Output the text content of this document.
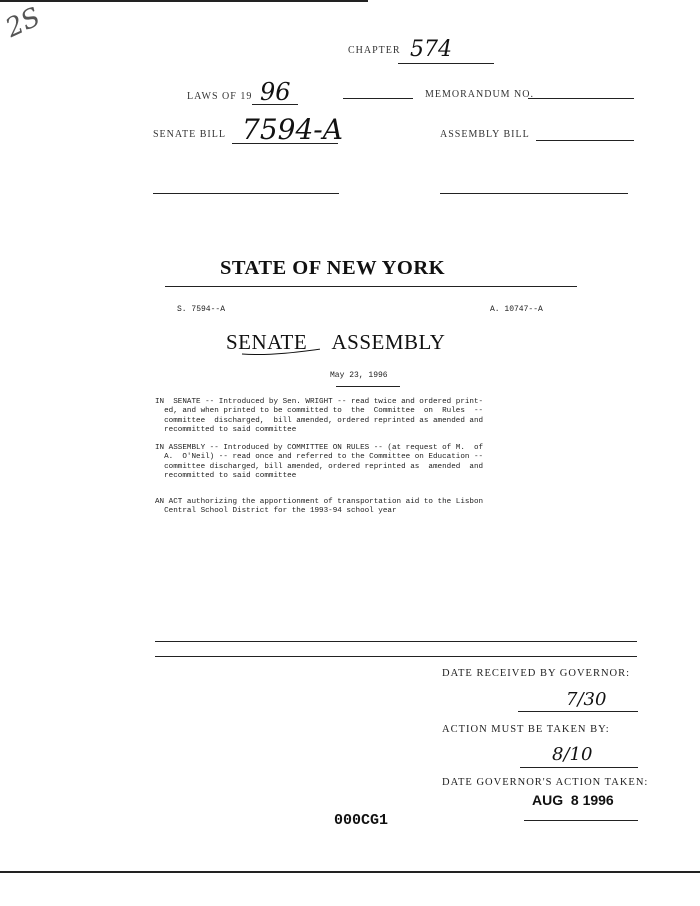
2S
CHAPTER 574
LAWS OF 19 96	MEMORANDUM NO.
SENATE BILL 7594-A	ASSEMBLY BILL
STATE OF NEW YORK
S. 7594--A	A. 10747--A
SENATE ASSEMBLY
May 23, 1996
IN  SENATE -- Introduced by Sen. WRIGHT -- read twice and ordered print-
ed, and when printed to be committed to  the  Committee  on  Rules  --
committee  discharged,  bill amended, ordered reprinted as amended and
recommitted to said committee
IN ASSEMBLY -- Introduced by COMMITTEE ON RULES -- (at request of M.  of
A.  O'Neil) -- read once and referred to the Committee on Education --
committee discharged, bill amended, ordered reprinted as  amended  and
recommitted to said committee
AN ACT authorizing the apportionment of transportation aid to the Lisbon
Central School District for the 1993-94 school year
DATE RECEIVED BY GOVERNOR:
7/30
ACTION MUST BE TAKEN BY:
8/10
DATE GOVERNOR'S ACTION TAKEN:
AUG  8 1996
000CG1
